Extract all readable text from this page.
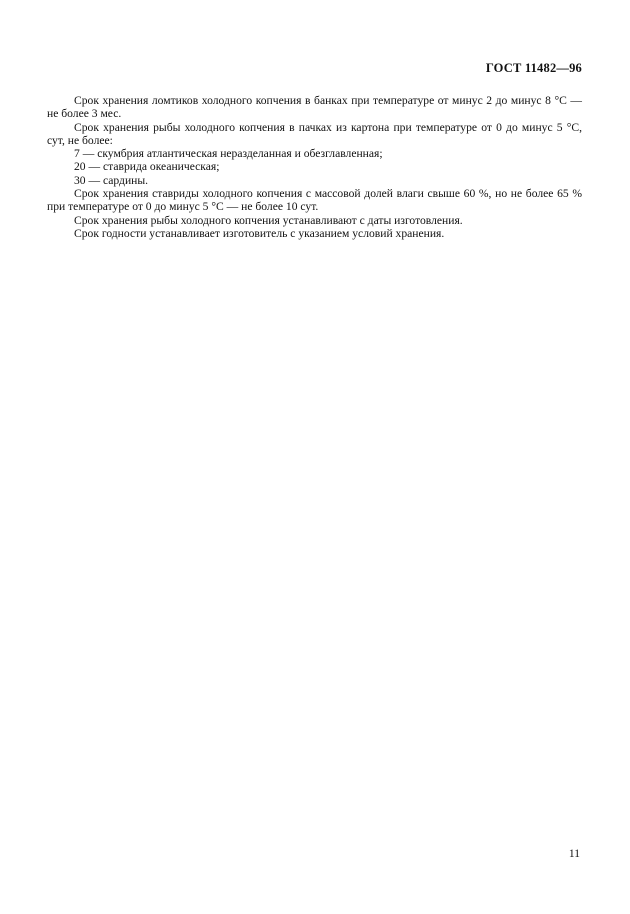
ГОСТ 11482—96

Срок хранения ломтиков холодного копчения в банках при температуре от минус 2 до минус 8 °С — не более 3 мес.

Срок хранения рыбы холодного копчения в пачках из картона при температуре от 0 до минус 5 °С, сут, не более:

7 — скумбрия атлантическая неразделанная и обезглавленная;

20 — ставрида океаническая;

30 — сардины.

Срок хранения ставриды холодного копчения с массовой долей влаги свыше 60 %, но не более 65 % при температуре от 0 до минус 5 °С — не более 10 сут.

Срок хранения рыбы холодного копчения устанавливают с даты изготовления.

Срок годности устанавливает изготовитель с указанием условий хранения.

11
